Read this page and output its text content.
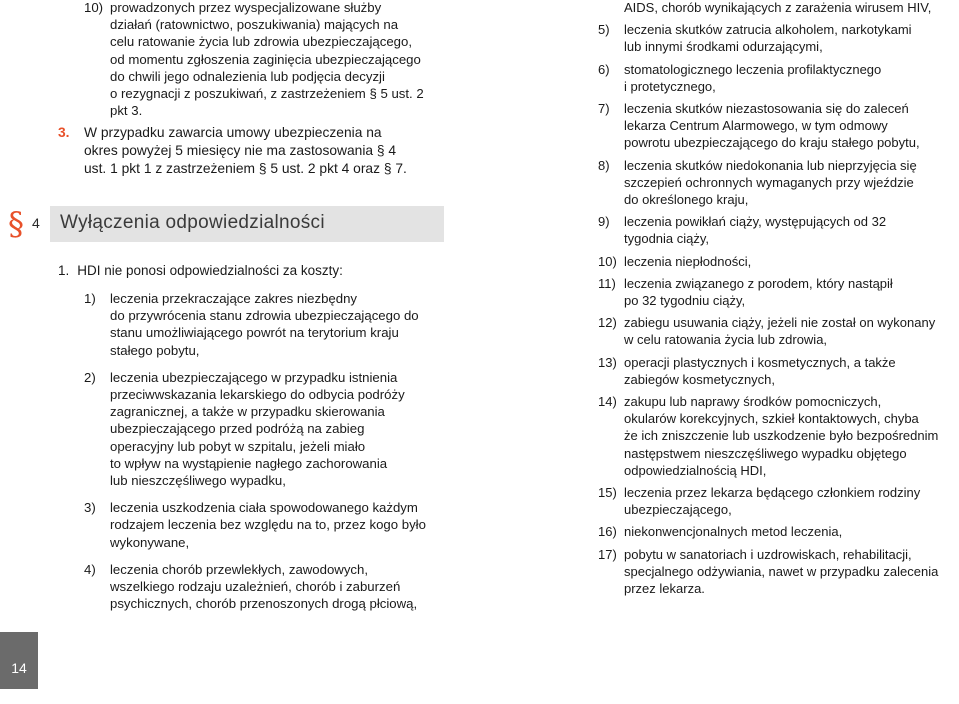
10) prowadzonych przez wyspecjalizowane służby

działań (ratownictwo, poszukiwania) mających na

celu ratowanie życia lub zdrowia ubezpieczającego,

od momentu zgłoszenia zaginięcia ubezpieczającego

do chwili jego odnalezienia lub podjęcia decyzji

o rezygnacji z poszukiwań, z zastrzeżeniem § 5 ust. 2

pkt 3.

3. W przypadku zawarcia umowy ubezpieczenia na

okres powyżej 5 miesięcy nie ma zastosowania § 4

ust. 1 pkt 1 z zastrzeżeniem § 5 ust. 2 pkt 4 oraz § 7.

§ 4 Wyłączenia odpowiedzialności
1. HDI nie ponosi odpowiedzialności za koszty:
1) leczenia przekraczające zakres niezbędny

do przywrócenia stanu zdrowia ubezpieczającego do

stanu umożliwiającego powrót na terytorium kraju

stałego pobytu,

2) leczenia ubezpieczającego w przypadku istnienia

przeciwwskazania lekarskiego do odbycia podróży

zagranicznej, a także w przypadku skierowania

ubezpieczającego przed podróżą na zabieg

operacyjny lub pobyt w szpitalu, jeżeli miało

to wpływ na wystąpienie nagłego zachorowania

lub nieszczęśliwego wypadku,

3) leczenia uszkodzenia ciała spowodowanego każdym

rodzajem leczenia bez względu na to, przez kogo było

wykonywane,

4) leczenia chorób przewlekłych, zawodowych,

wszelkiego rodzaju uzależnień, chorób i zaburzeń

psychicznych, chorób przenoszonych drogą płciową,

AIDS, chorób wynikających z zarażenia wirusem HIV,

5) leczenia skutków zatrucia alkoholem, narkotykami

lub innymi środkami odurzającymi,

6) stomatologicznego leczenia profilaktycznego

i protetycznego,

7) leczenia skutków niezastosowania się do zaleceń

lekarza Centrum Alarmowego, w tym odmowy

powrotu ubezpieczającego do kraju stałego pobytu,

8) leczenia skutków niedokonania lub nieprzyjęcia się

szczepień ochronnych wymaganych przy wjeździe

do określonego kraju,

9) leczenia powikłań ciąży, występujących od 32

tygodnia ciąży,

10) leczenia niepłodności,

11) leczenia związanego z porodem, który nastąpił

po 32 tygodniu ciąży,

12) zabiegu usuwania ciąży, jeżeli nie został on wykonany

w celu ratowania życia lub zdrowia,

13) operacji plastycznych i kosmetycznych, a także

zabiegów kosmetycznych,

14) zakupu lub naprawy środków pomocniczych,

okularów korekcyjnych, szkieł kontaktowych, chyba

że ich zniszczenie lub uszkodzenie było bezpośrednim

następstwem nieszczęśliwego wypadku objętego

odpowiedzialnością HDI,

15) leczenia przez lekarza będącego członkiem rodziny

ubezpieczającego,

16) niekonwencjonalnych metod leczenia,

17) pobytu w sanatoriach i uzdrowiskach, rehabilitacji,

specjalnego odżywiania, nawet w przypadku zalecenia

przez lekarza.

14
